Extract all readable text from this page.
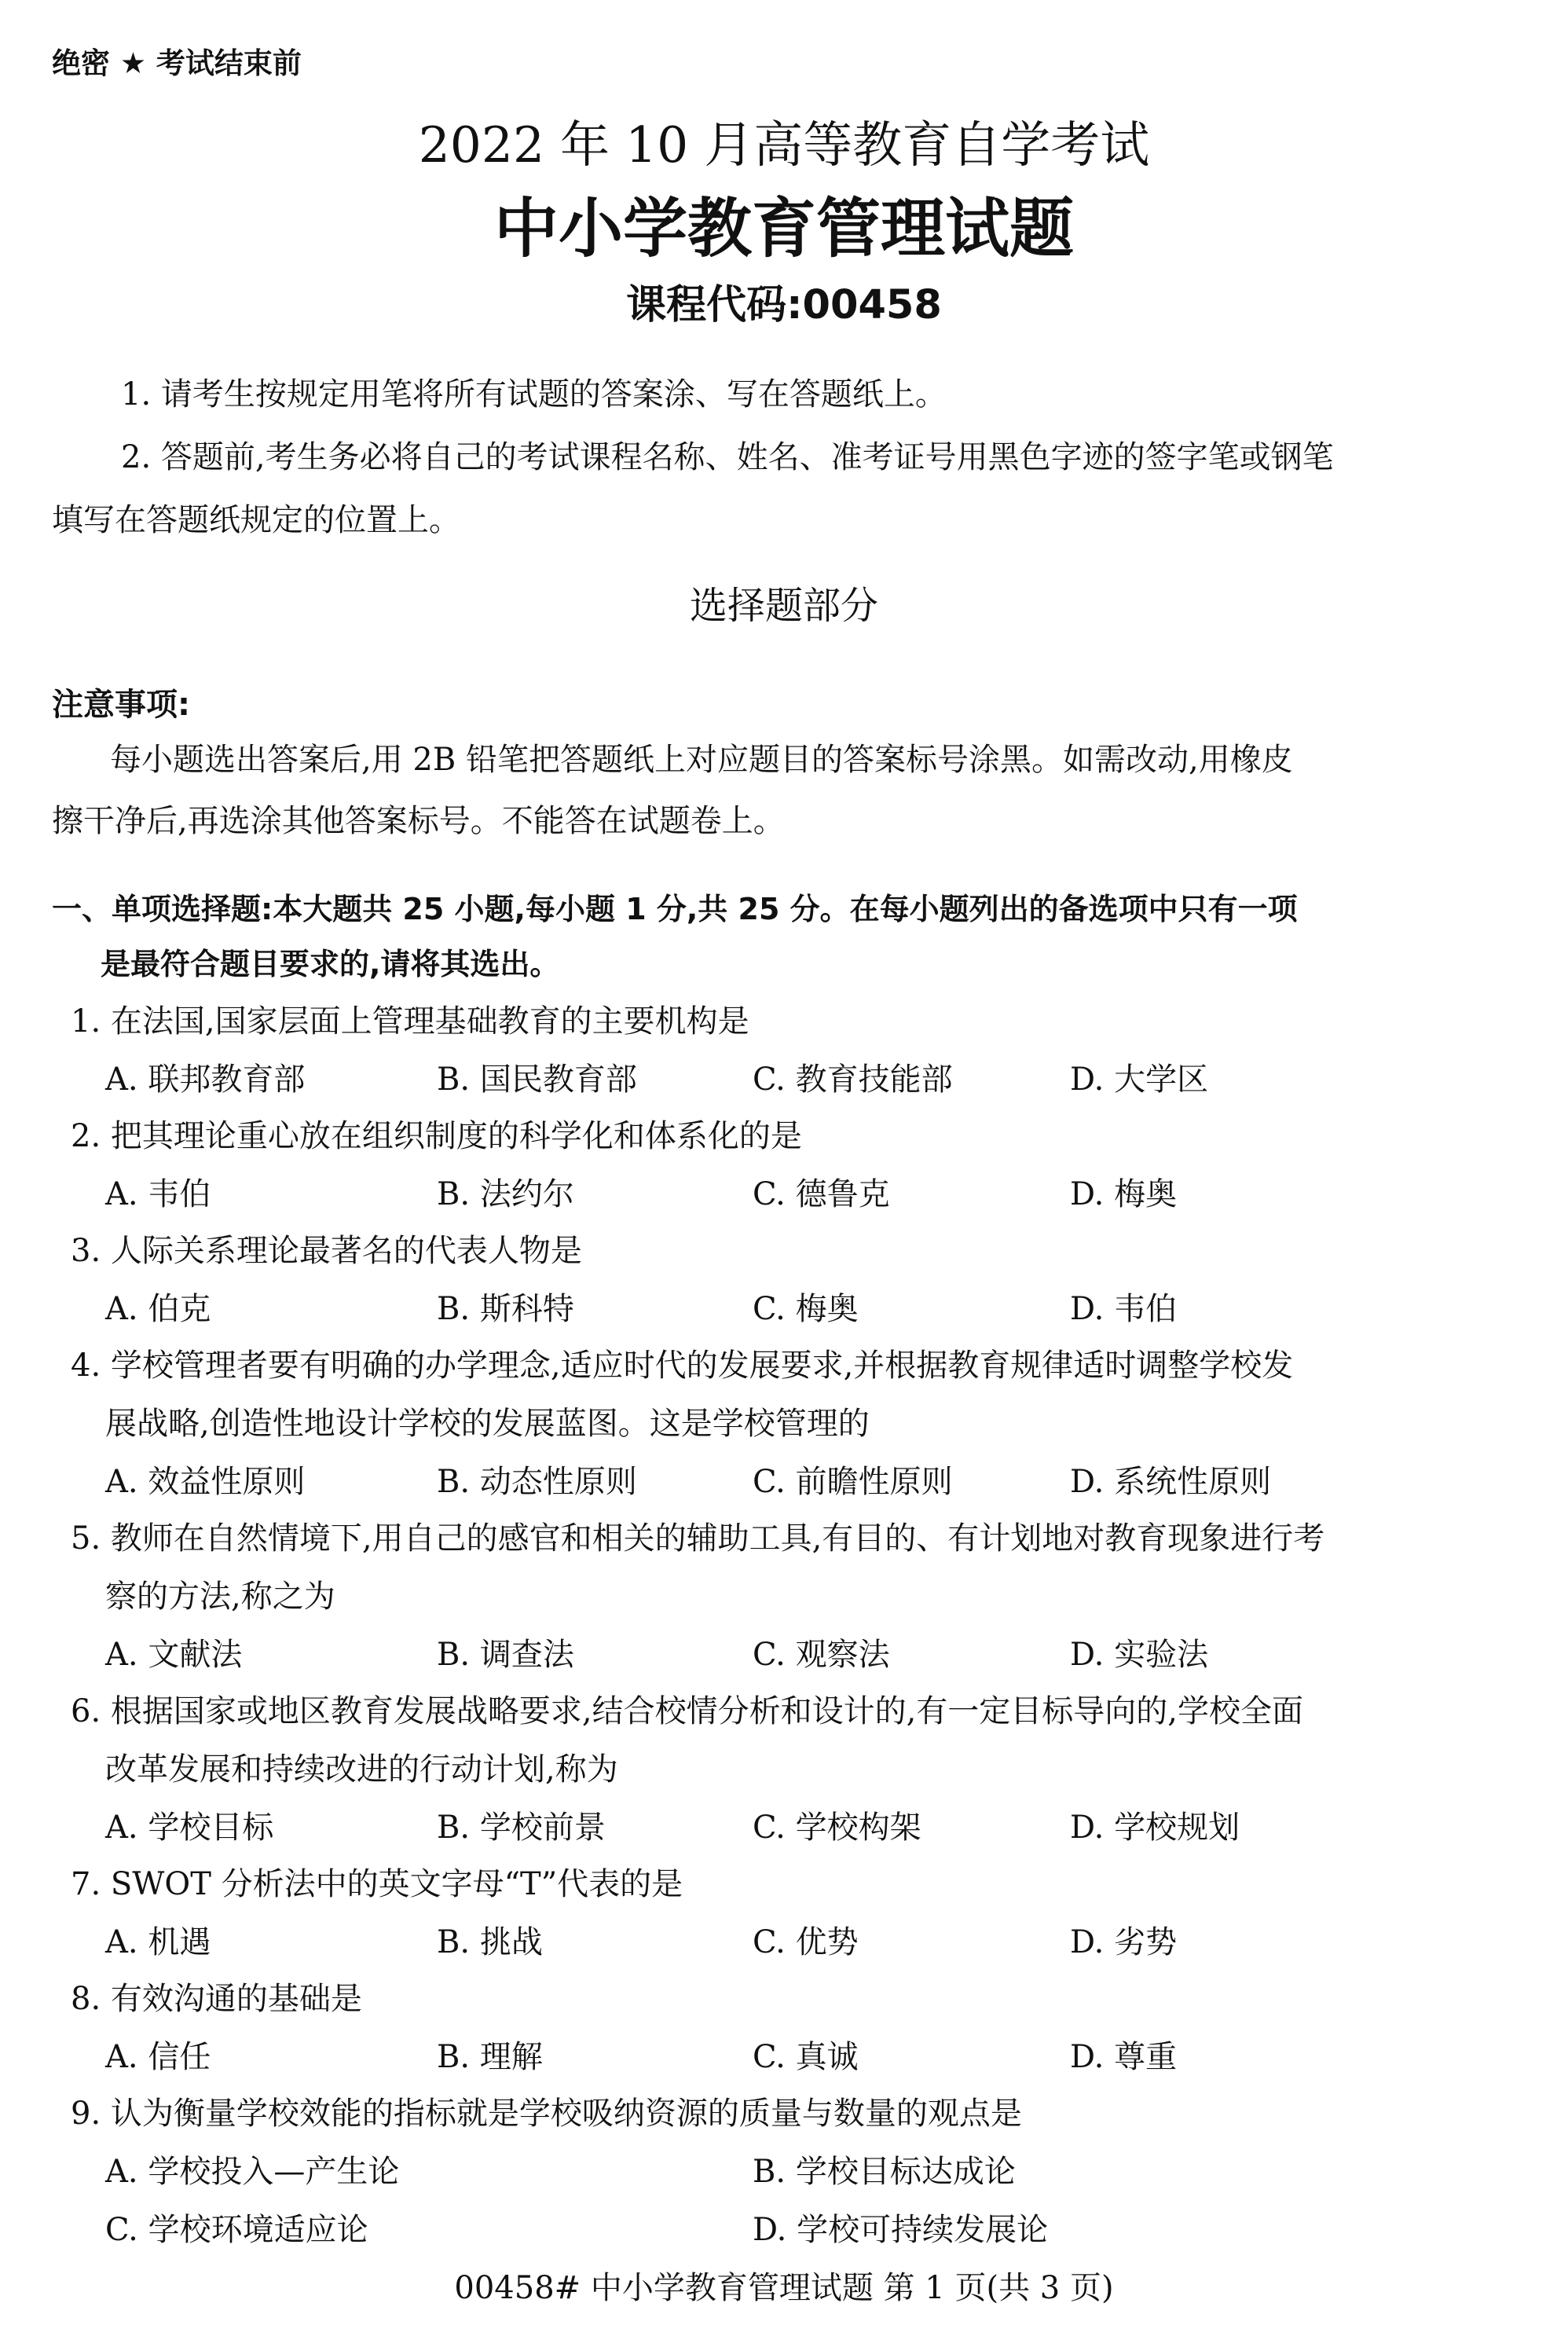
绝密 ★ 考试结束前
2022 年 10 月高等教育自学考试
中小学教育管理试题
课程代码:00458
1. 请考生按规定用笔将所有试题的答案涂、写在答题纸上。
2. 答题前,考生务必将自己的考试课程名称、姓名、准考证号用黑色字迹的签字笔或钢笔
填写在答题纸规定的位置上。
选择题部分
注意事项:
每小题选出答案后,用 2B 铅笔把答题纸上对应题目的答案标号涂黑。如需改动,用橡皮
擦干净后,再选涂其他答案标号。不能答在试题卷上。
一、单项选择题:本大题共 25 小题,每小题 1 分,共 25 分。在每小题列出的备选项中只有一项
是最符合题目要求的,请将其选出。
1. 在法国,国家层面上管理基础教育的主要机构是
A. 联邦教育部	B. 国民教育部	C. 教育技能部	D. 大学区
2. 把其理论重心放在组织制度的科学化和体系化的是
A. 韦伯	B. 法约尔	C. 德鲁克	D. 梅奥
3. 人际关系理论最著名的代表人物是
A. 伯克	B. 斯科特	C. 梅奥	D. 韦伯
4. 学校管理者要有明确的办学理念,适应时代的发展要求,并根据教育规律适时调整学校发
展战略,创造性地设计学校的发展蓝图。这是学校管理的
A. 效益性原则	B. 动态性原则	C. 前瞻性原则	D. 系统性原则
5. 教师在自然情境下,用自己的感官和相关的辅助工具,有目的、有计划地对教育现象进行考
察的方法,称之为
A. 文献法	B. 调查法	C. 观察法	D. 实验法
6. 根据国家或地区教育发展战略要求,结合校情分析和设计的,有一定目标导向的,学校全面
改革发展和持续改进的行动计划,称为
A. 学校目标	B. 学校前景	C. 学校构架	D. 学校规划
7. SWOT 分析法中的英文字母“T”代表的是
A. 机遇	B. 挑战	C. 优势	D. 劣势
8. 有效沟通的基础是
A. 信任	B. 理解	C. 真诚	D. 尊重
9. 认为衡量学校效能的指标就是学校吸纳资源的质量与数量的观点是
A. 学校投入—产生论	B. 学校目标达成论
C. 学校环境适应论	D. 学校可持续发展论
00458# 中小学教育管理试题 第 1 页(共 3 页)
